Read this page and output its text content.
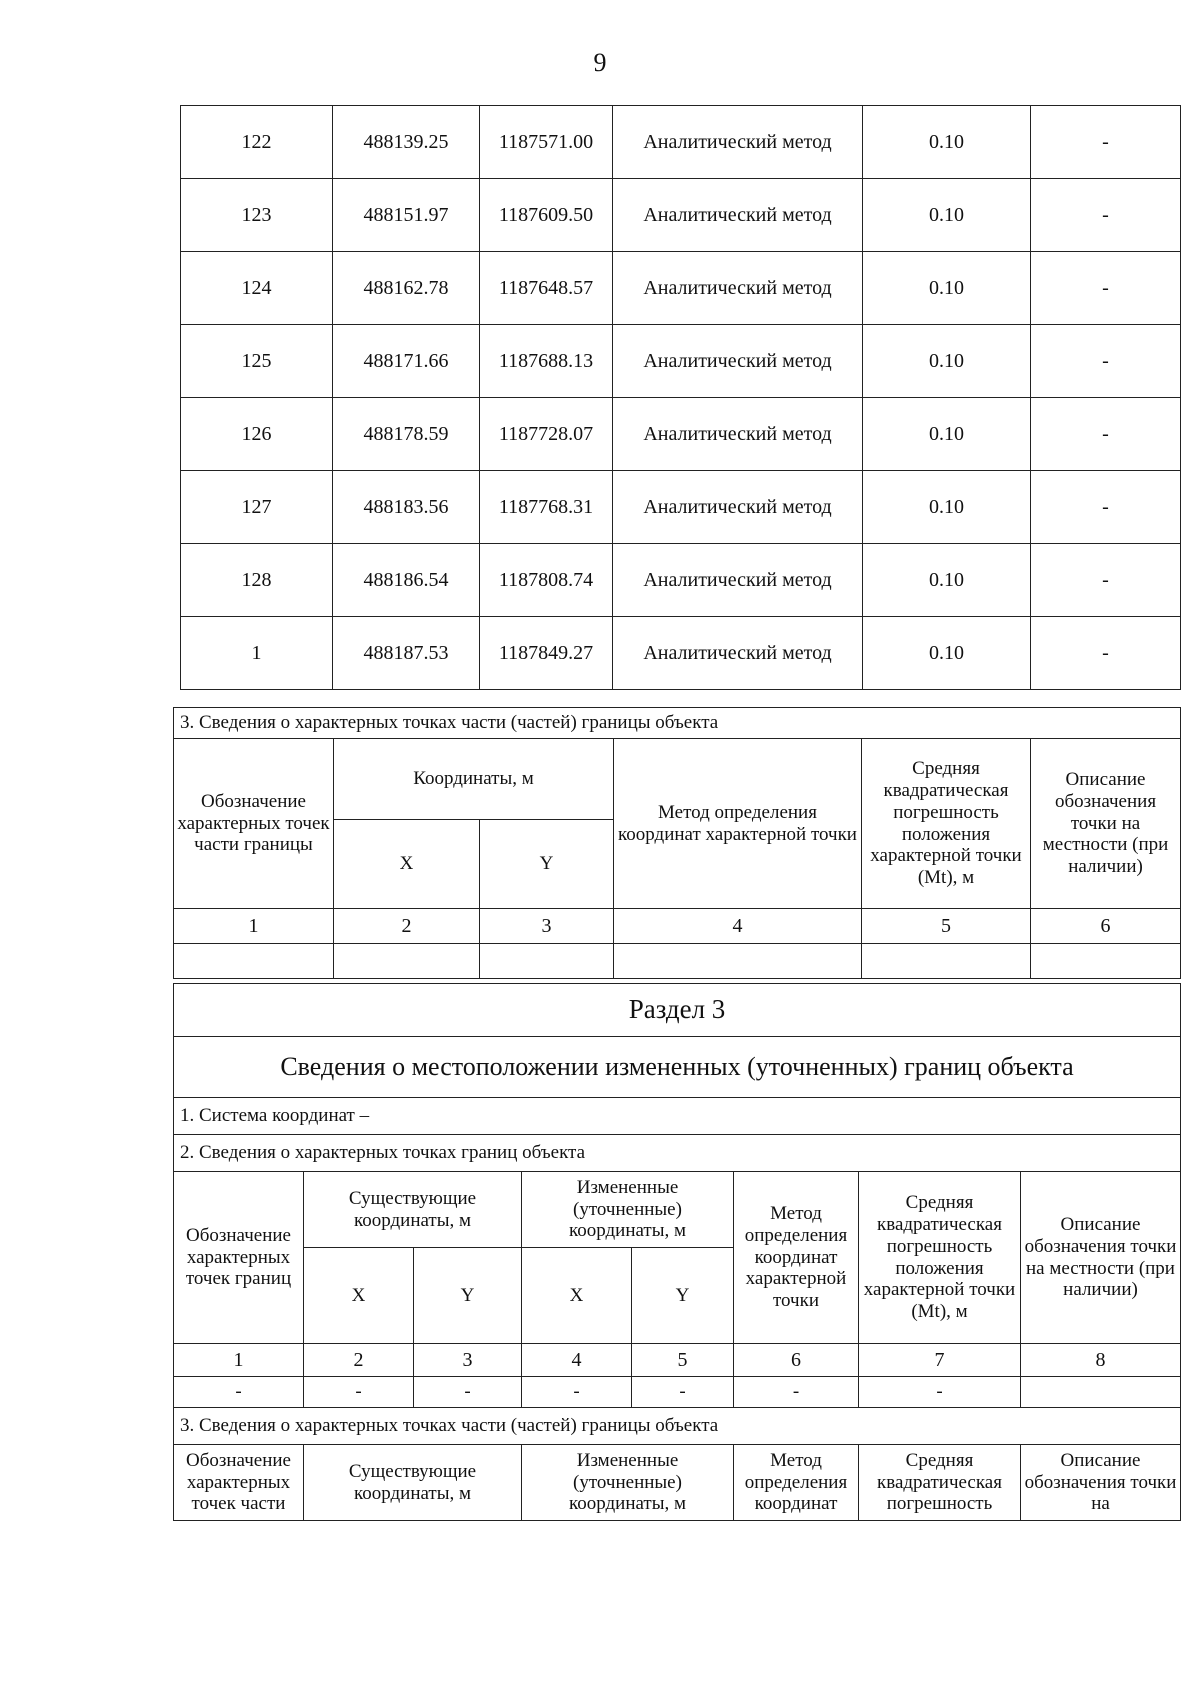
9
122	488139.25	1187571.00	Аналитический метод	0.10	-
123	488151.97	1187609.50	Аналитический метод	0.10	-
124	488162.78	1187648.57	Аналитический метод	0.10	-
125	488171.66	1187688.13	Аналитический метод	0.10	-
126	488178.59	1187728.07	Аналитический метод	0.10	-
127	488183.56	1187768.31	Аналитический метод	0.10	-
128	488186.54	1187808.74	Аналитический метод	0.10	-
1	488187.53	1187849.27	Аналитический метод	0.10	-
3. Сведения о характерных точках части (частей) границы объекта					
Обозначение характерных точек части границы	Координаты, м		Метод определения координат характерной точки	Средняя квадратическая погрешность положения характерной точки (Mt), м	Описание обозначения точки на местности (при наличии)
	X	Y			
1	2	3	4	5	6

Раздел 3							
Сведения о местоположении измененных (уточненных) границ объекта							
1. Система координат –							
2. Сведения о характерных точках границ объекта							
Обозначение характерных точек границ	Существующие координаты, м		Измененные (уточненные) координаты, м		Метод определения координат характерной точки	Средняя квадратическая погрешность положения характерной точки (Mt), м	Описание обозначения точки на местности (при наличии)
	X	Y	X	Y			
1	2	3	4	5	6	7	8
-	-	-	-	-	-	-	
3. Сведения о характерных точках части (частей) границы объекта							
Обозначение характерных точек части	Существующие координаты, м		Измененные (уточненные) координаты, м		Метод определения координат	Средняя квадратическая погрешность	Описание обозначения точки на
